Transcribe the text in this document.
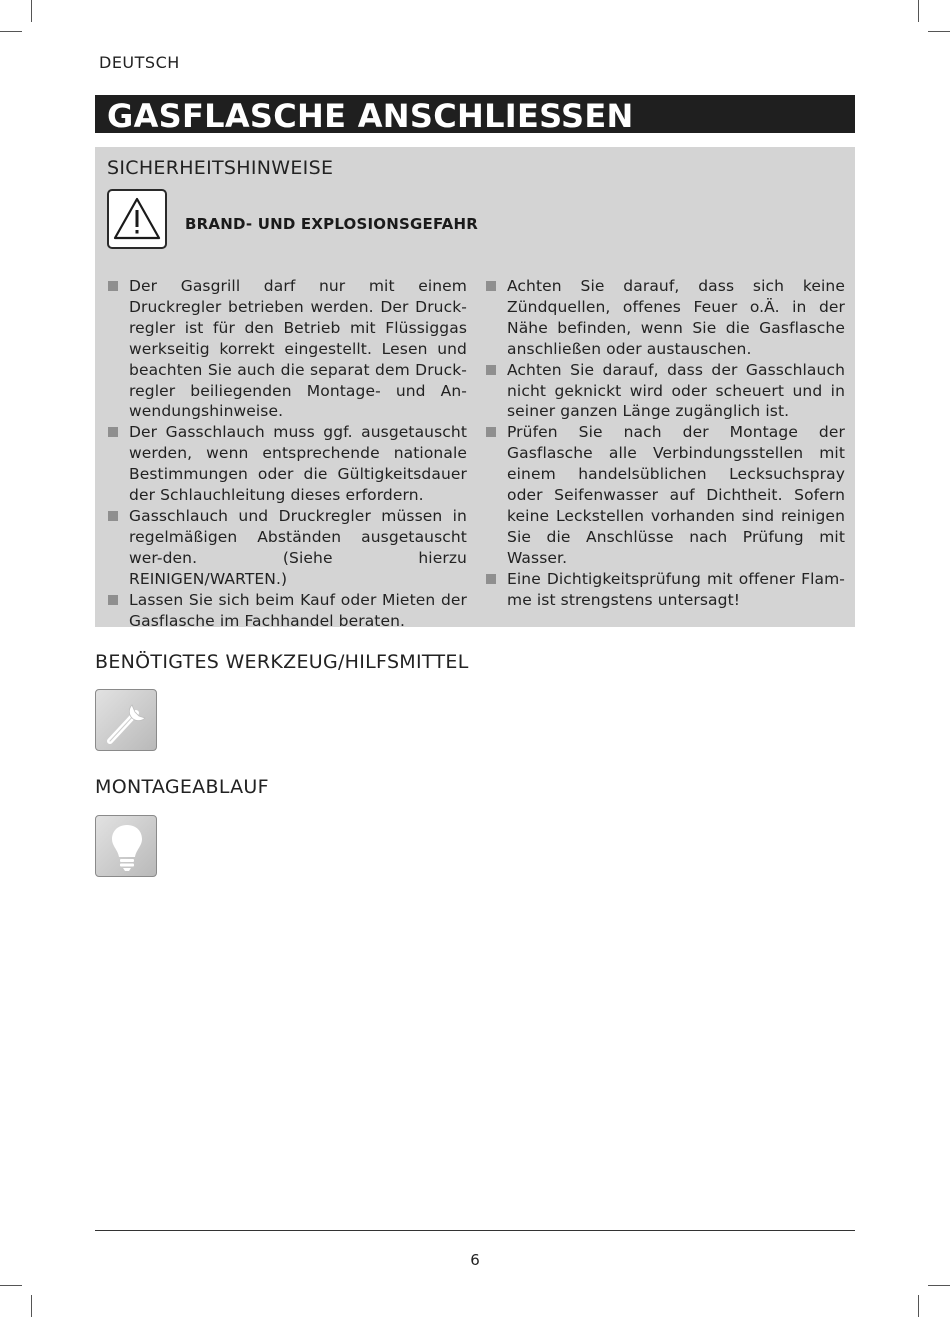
DEUTSCH
GASFLASCHE ANSCHLIESSEN
SICHERHEITSHINWEISE
BRAND- UND EXPLOSIONSGEFAHR

Der Gasgrill darf nur mit einem Druckregler betrieben werden. Der Druck-regler ist für den Betrieb mit Flüssiggas werkseitig korrekt eingestellt. Lesen und beachten Sie auch die separat dem Druck-regler beiliegenden Montage- und An-wendungshinweise.

Der Gasschlauch muss ggf. ausgetauscht werden, wenn entsprechende nationale Bestimmungen oder die Gültigkeitsdauer der Schlauchleitung dieses erfordern.

Gasschlauch und Druckregler müssen in regelmäßigen Abständen ausgetauscht wer-den. (Siehe hierzu REINIGEN/WARTEN.)

Lassen Sie sich beim Kauf oder Mieten der Gasflasche im Fachhandel beraten.

Achten Sie darauf, dass sich keine Zündquellen, offenes Feuer o.Ä. in der Nähe befinden, wenn Sie die Gasflasche anschließen oder austauschen.

Achten Sie darauf, dass der Gasschlauch nicht geknickt wird oder scheuert und in seiner ganzen Länge zugänglich ist.

Prüfen Sie nach der Montage der Gasflasche alle Verbindungsstellen mit einem handelsüblichen Lecksuchspray oder Seifenwasser auf Dichtheit. Sofern keine Leckstellen vorhanden sind reinigen Sie die Anschlüsse nach Prüfung mit Wasser.

Eine Dichtigkeitsprüfung mit offener Flam-me ist strengstens untersagt!

BENÖTIGTES WERKZEUG/HILFSMITTEL
MONTAGEABLAUF
6
